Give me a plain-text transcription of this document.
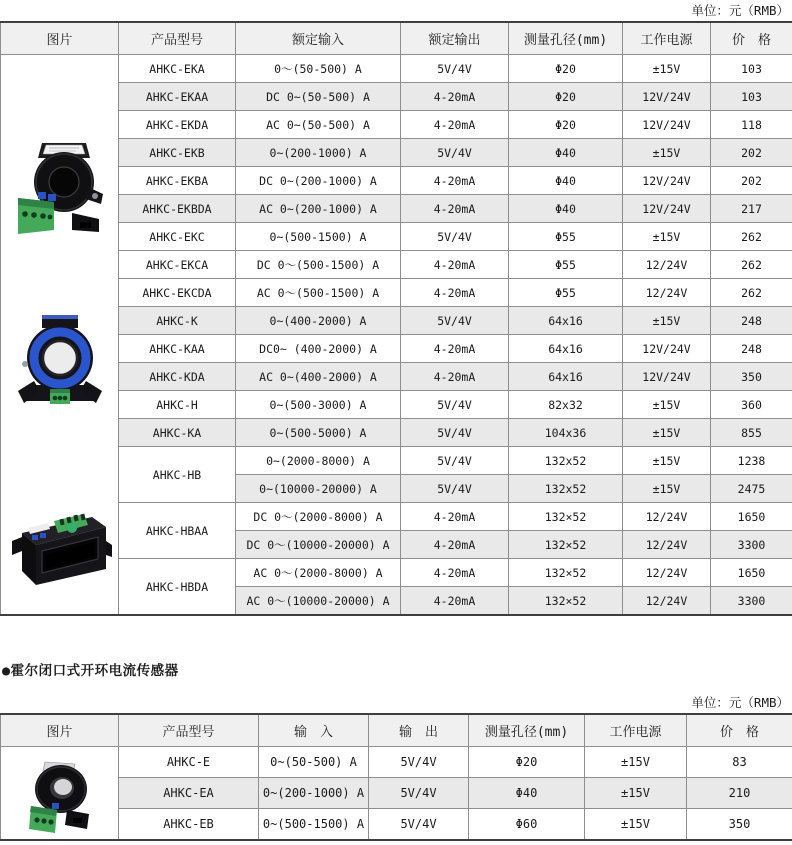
单位：元（RMB）
图片	产品型号	额定输入	额定输出	测量孔径(mm)	工作电源	价　格

	AHKC-EKA	0～(50-500) A	5V/4V	Φ20	±15V	103
	AHKC-EKAA	DC 0~(50-500) A	4-20mA	Φ20	12V/24V	103
	AHKC-EKDA	AC 0~(50-500) A	4-20mA	Φ20	12V/24V	118
	AHKC-EKB	0~(200-1000) A	5V/4V	Φ40	±15V	202
	AHKC-EKBA	DC 0~(200-1000) A	4-20mA	Φ40	12V/24V	202
	AHKC-EKBDA	AC 0~(200-1000) A	4-20mA	Φ40	12V/24V	217
	AHKC-EKC	0~(500-1500) A	5V/4V	Φ55	±15V	262
	AHKC-EKCA	DC 0～(500-1500) A	4-20mA	Φ55	12/24V	262
	AHKC-EKCDA	AC 0～(500-1500) A	4-20mA	Φ55	12/24V	262
	AHKC-K	0~(400-2000) A	5V/4V	64x16	±15V	248
	AHKC-KAA	DC0~ (400-2000) A	4-20mA	64x16	12V/24V	248
	AHKC-KDA	AC 0~(400-2000) A	4-20mA	64x16	12V/24V	350
	AHKC-H	0~(500-3000) A	5V/4V	82x32	±15V	360
	AHKC-KA	0~(500-5000) A	5V/4V	104x36	±15V	855
	AHKC-HB	0~(2000-8000) A	5V/4V	132x52	±15V	1238
		0~(10000-20000) A	5V/4V	132x52	±15V	2475
	AHKC-HBAA	DC 0～(2000-8000) A	4-20mA	132×52	12/24V	1650
		DC 0～(10000-20000) A	4-20mA	132×52	12/24V	3300
	AHKC-HBDA	AC 0～(2000-8000) A	4-20mA	132×52	12/24V	1650
		AC 0～(10000-20000) A	4-20mA	132×52	12/24V	3300
●霍尔闭口式开环电流传感器
单位：元（RMB）
图片	产品型号	输　入	输　出	测量孔径(mm)	工作电源	价　格

	AHKC-E	0~(50-500) A	5V/4V	Φ20	±15V	83
	AHKC-EA	0~(200-1000) A	5V/4V	Φ40	±15V	210
	AHKC-EB	0~(500-1500) A	5V/4V	Φ60	±15V	350
